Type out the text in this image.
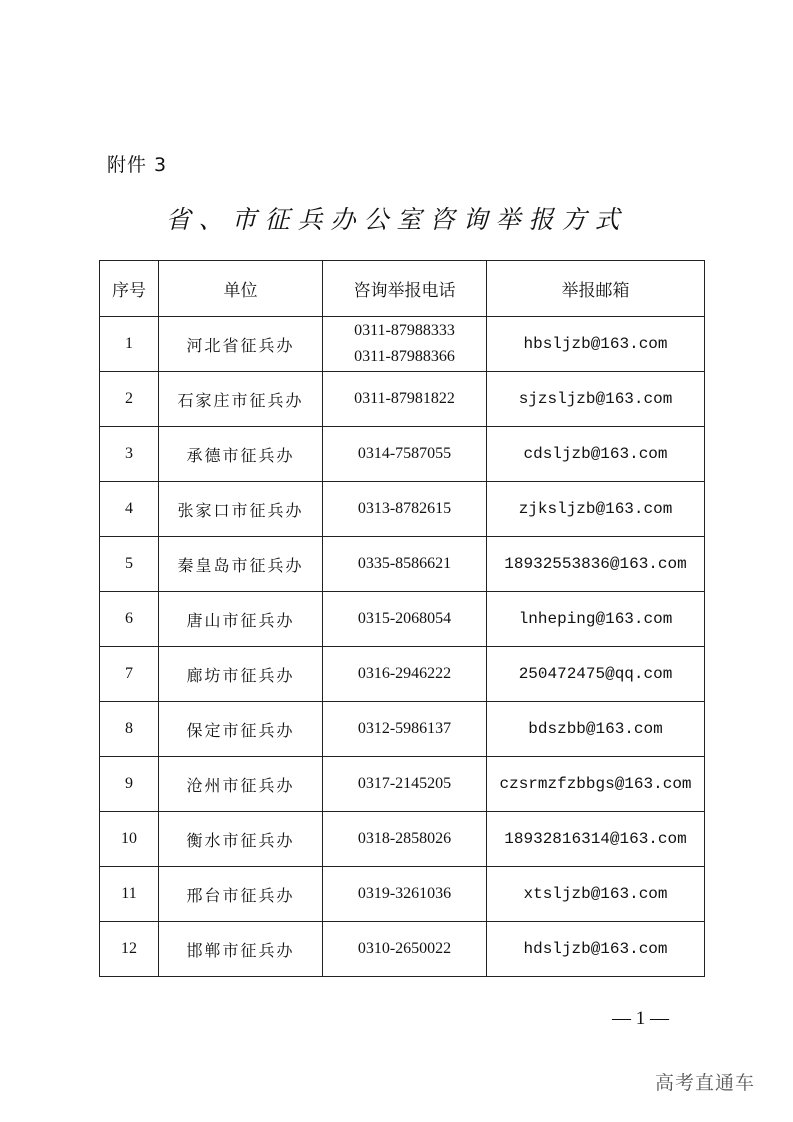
附件 3
省、市征兵办公室咨询举报方式
序号	单位	咨询举报电话	举报邮箱
1	河北省征兵办	0311-87988333
0311-87988366	hbsljzb@163.com
2	石家庄市征兵办	0311-87981822	sjzsljzb@163.com
3	承德市征兵办	0314-7587055	cdsljzb@163.com
4	张家口市征兵办	0313-8782615	zjksljzb@163.com
5	秦皇岛市征兵办	0335-8586621	18932553836@163.com
6	唐山市征兵办	0315-2068054	lnheping@163.com
7	廊坊市征兵办	0316-2946222	250472475@qq.com
8	保定市征兵办	0312-5986137	bdszbb@163.com
9	沧州市征兵办	0317-2145205	czsrmzfzbbgs@163.com
10	衡水市征兵办	0318-2858026	18932816314@163.com
11	邢台市征兵办	0319-3261036	xtsljzb@163.com
12	邯郸市征兵办	0310-2650022	hdsljzb@163.com
— 1 —
高考直通车
